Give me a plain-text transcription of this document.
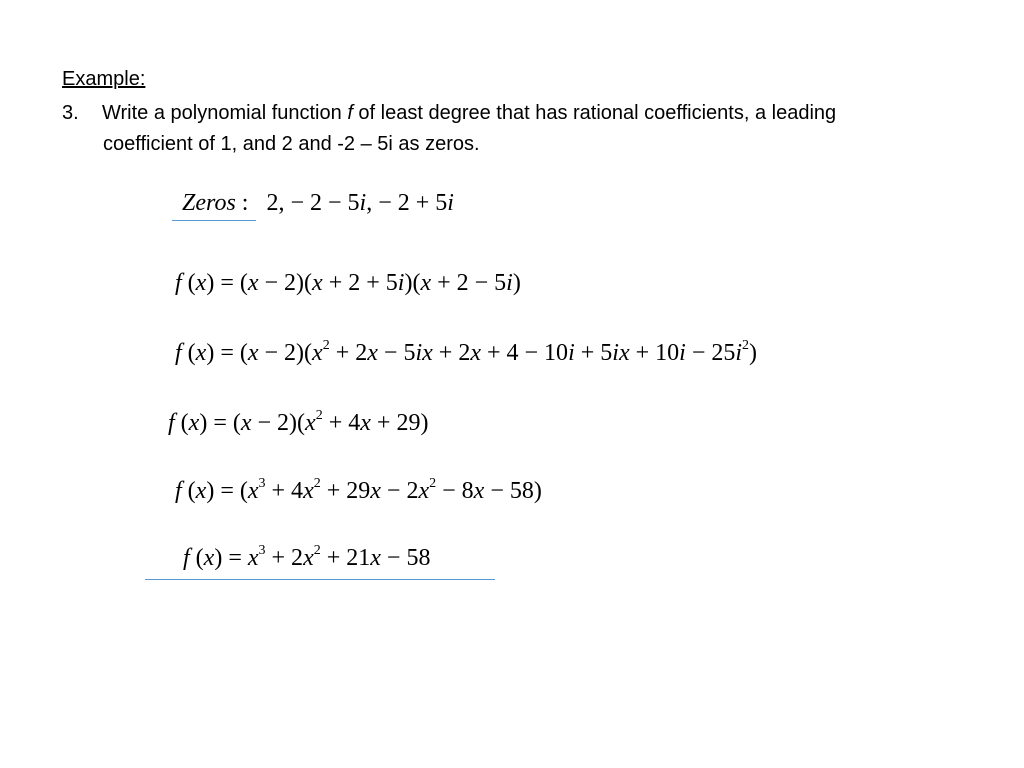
Example:
3. Write a polynomial function f of least degree that has rational coefficients, a leading
coefficient of 1, and 2 and -2 – 5i as zeros.
Zeros : 2, − 2 − 5i, − 2 + 5i
f (x) = (x − 2)(x + 2 + 5i)(x + 2 − 5i)
f $(x) = (x - 2)(x^2 + 2x - 5ix + 2x + 4 - 10i + 5ix + 10i - 25i^2)$
f $(x) = (x - 2)(x^2 + 4x + 29)$
f $(x) = (x^3 + 4x^2 + 29x - 2x^2 - 8x - 58)$
f $(x) = x^3 + 2x^2 + 21x - 58$
